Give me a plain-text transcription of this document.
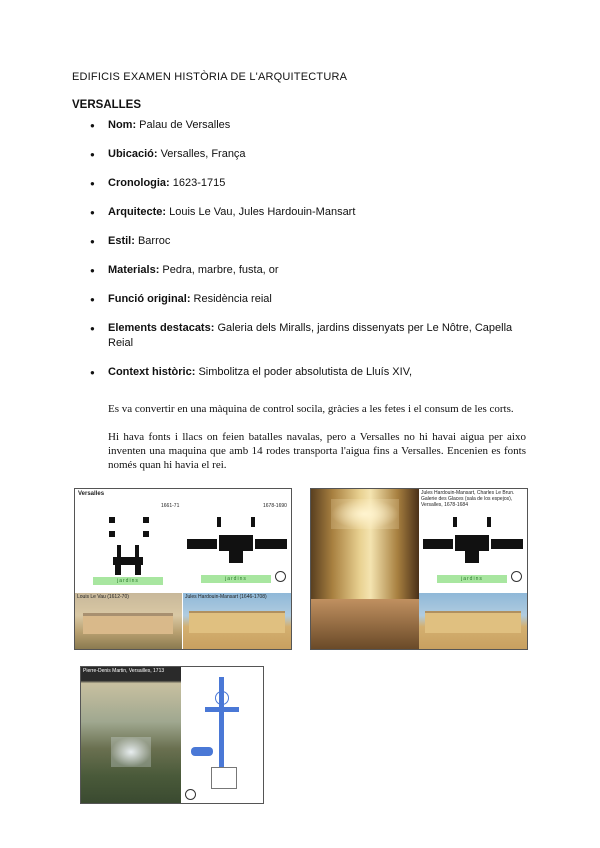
EDIFICIS EXAMEN HISTÒRIA DE L'ARQUITECTURA
VERSALLES
● Nom: Palau de Versalles
● Ubicació: Versalles, França
● Cronologia: 1623-1715
● Arquitecte: Louis Le Vau, Jules Hardouin-Mansart
● Estil: Barroc
● Materials: Pedra, marbre, fusta, or
● Funció original: Residència reial
● Elements destacats: Galeria dels Miralls, jardins dissenyats per Le Nôtre, Capella Reial
● Context històric: Simbolitza el poder absolutista de Lluís XIV,

Es va convertir en una màquina de control socila, gràcies a les fetes i el consum de les corts.

Hi hava fonts i llacs on feien batalles navalas, pero a Versalles no hi havai aigua per aixo inventen una maquina que amb 14 rodes transporta l'aigua fins a Versalles. Encenien es fonts només quan hi havia el rei.

Versalles
1661-71
jardins
1678-1690
jardins
Louis Le Vau (1612-70)	Jules Hardouin-Mansart (1646-1708)
Jules Hardouin-Mansart, Charles Le Brun. Galerie des Glaces (sala de los espejos), Versalles, 1678-1684
jardins
Pierre-Denis Martin, Versailles, 1713
